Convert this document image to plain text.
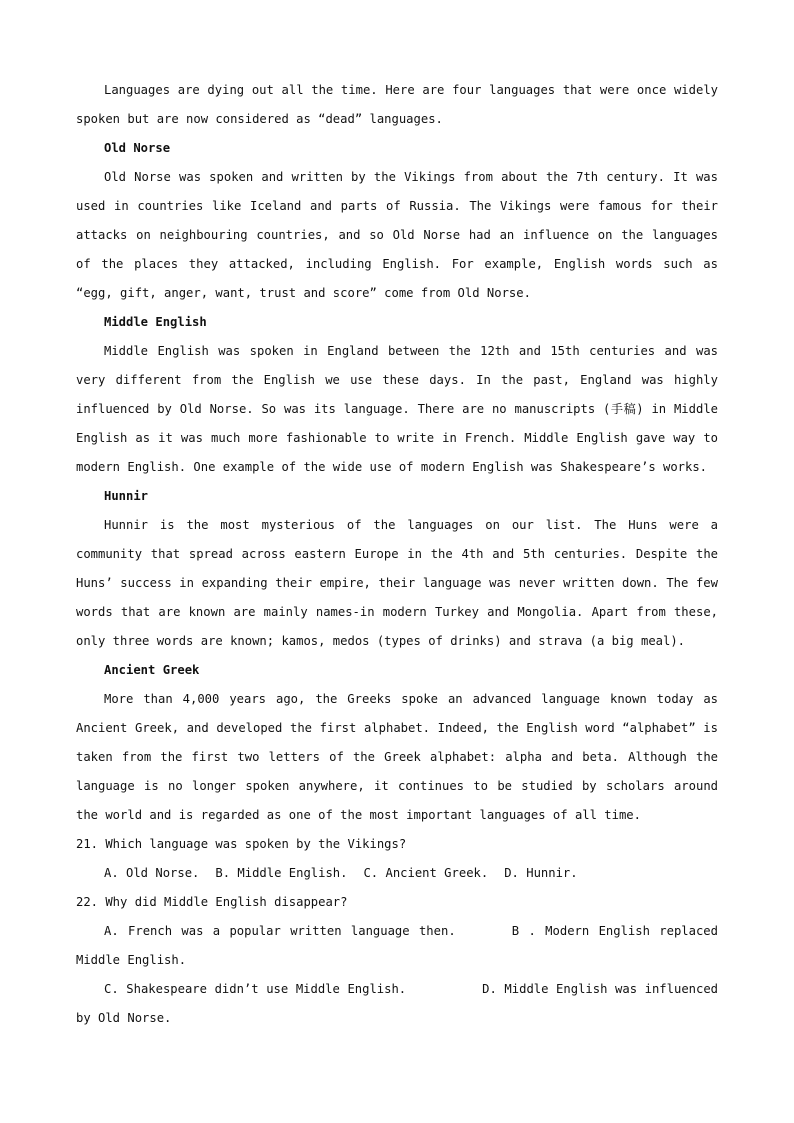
Languages are dying out all the time. Here are four languages that were once widely spoken but are now considered as “dead” languages.
Old Norse
Old Norse was spoken and written by the Vikings from about the 7th century. It was used in countries like Iceland and parts of Russia. The Vikings were famous for their attacks on neighbouring countries, and so Old Norse had an influence on the languages of the places they attacked, including English. For example, English words such as “egg, gift, anger, want, trust and score” come from Old Norse.
Middle English
Middle English was spoken in England between the 12th and 15th centuries and was very different from the English we use these days. In the past, England was highly influenced by Old Norse. So was its language. There are no manuscripts (手稿) in Middle English as it was much more fashionable to write in French. Middle English gave way to modern English. One example of the wide use of modern English was Shakespeare’s works.
Hunnir
Hunnir is the most mysterious of the languages on our list. The Huns were a community that spread across eastern Europe in the 4th and 5th centuries. Despite the Huns’ success in expanding their empire, their language was never written down. The few words that are known are mainly names-in modern Turkey and Mongolia. Apart from these, only three words are known; kamos, medos (types of drinks) and strava (a big meal).
Ancient Greek
More than 4,000 years ago, the Greeks spoke an advanced language known today as Ancient Greek, and developed the first alphabet. Indeed, the English word “alphabet” is taken from the first two letters of the Greek alphabet: alpha and beta. Although the language is no longer spoken anywhere, it continues to be studied by scholars around the world and is regarded as one of the most important languages of all time.
21. Which language was spoken by the Vikings?
A. Old Norse. B. Middle English. C. Ancient Greek. D. Hunnir.
22. Why did Middle English disappear?
A. French was a popular written language then.	B . Modern English replaced Middle English.
C. Shakespeare didn’t use Middle English.	D. Middle English was influenced by Old Norse.
